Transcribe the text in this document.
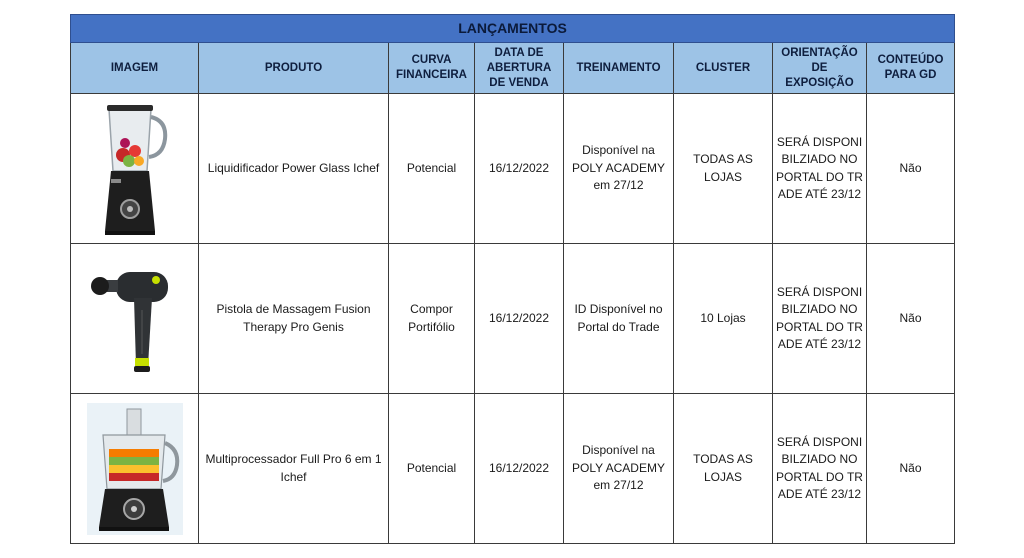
LANÇAMENTOS							
IMAGEM	PRODUTO	CURVA FINANCEIRA	DATA DE ABERTURA DE VENDA	TREINAMENTO	CLUSTER	ORIENTAÇÃO DE EXPOSIÇÃO	CONTEÚDO PARA GD

	Liquidificador Power Glass Ichef	Potencial	16/12/2022	Disponível na POLY ACADEMY em 27/12	TODAS AS LOJAS	SERÁ DISPONIBILZIADO NO PORTAL DO TRADE ATÉ 23/12	Não

	Pistola de Massagem Fusion Therapy Pro Genis	Compor Portifólio	16/12/2022	ID Disponível no Portal do Trade	10 Lojas	SERÁ DISPONIBILZIADO NO PORTAL DO TRADE ATÉ 23/12	Não

	Multiprocessador Full Pro 6 em 1 Ichef	Potencial	16/12/2022	Disponível na POLY ACADEMY em 27/12	TODAS AS LOJAS	SERÁ DISPONIBILZIADO NO PORTAL DO TRADE ATÉ 23/12	Não
